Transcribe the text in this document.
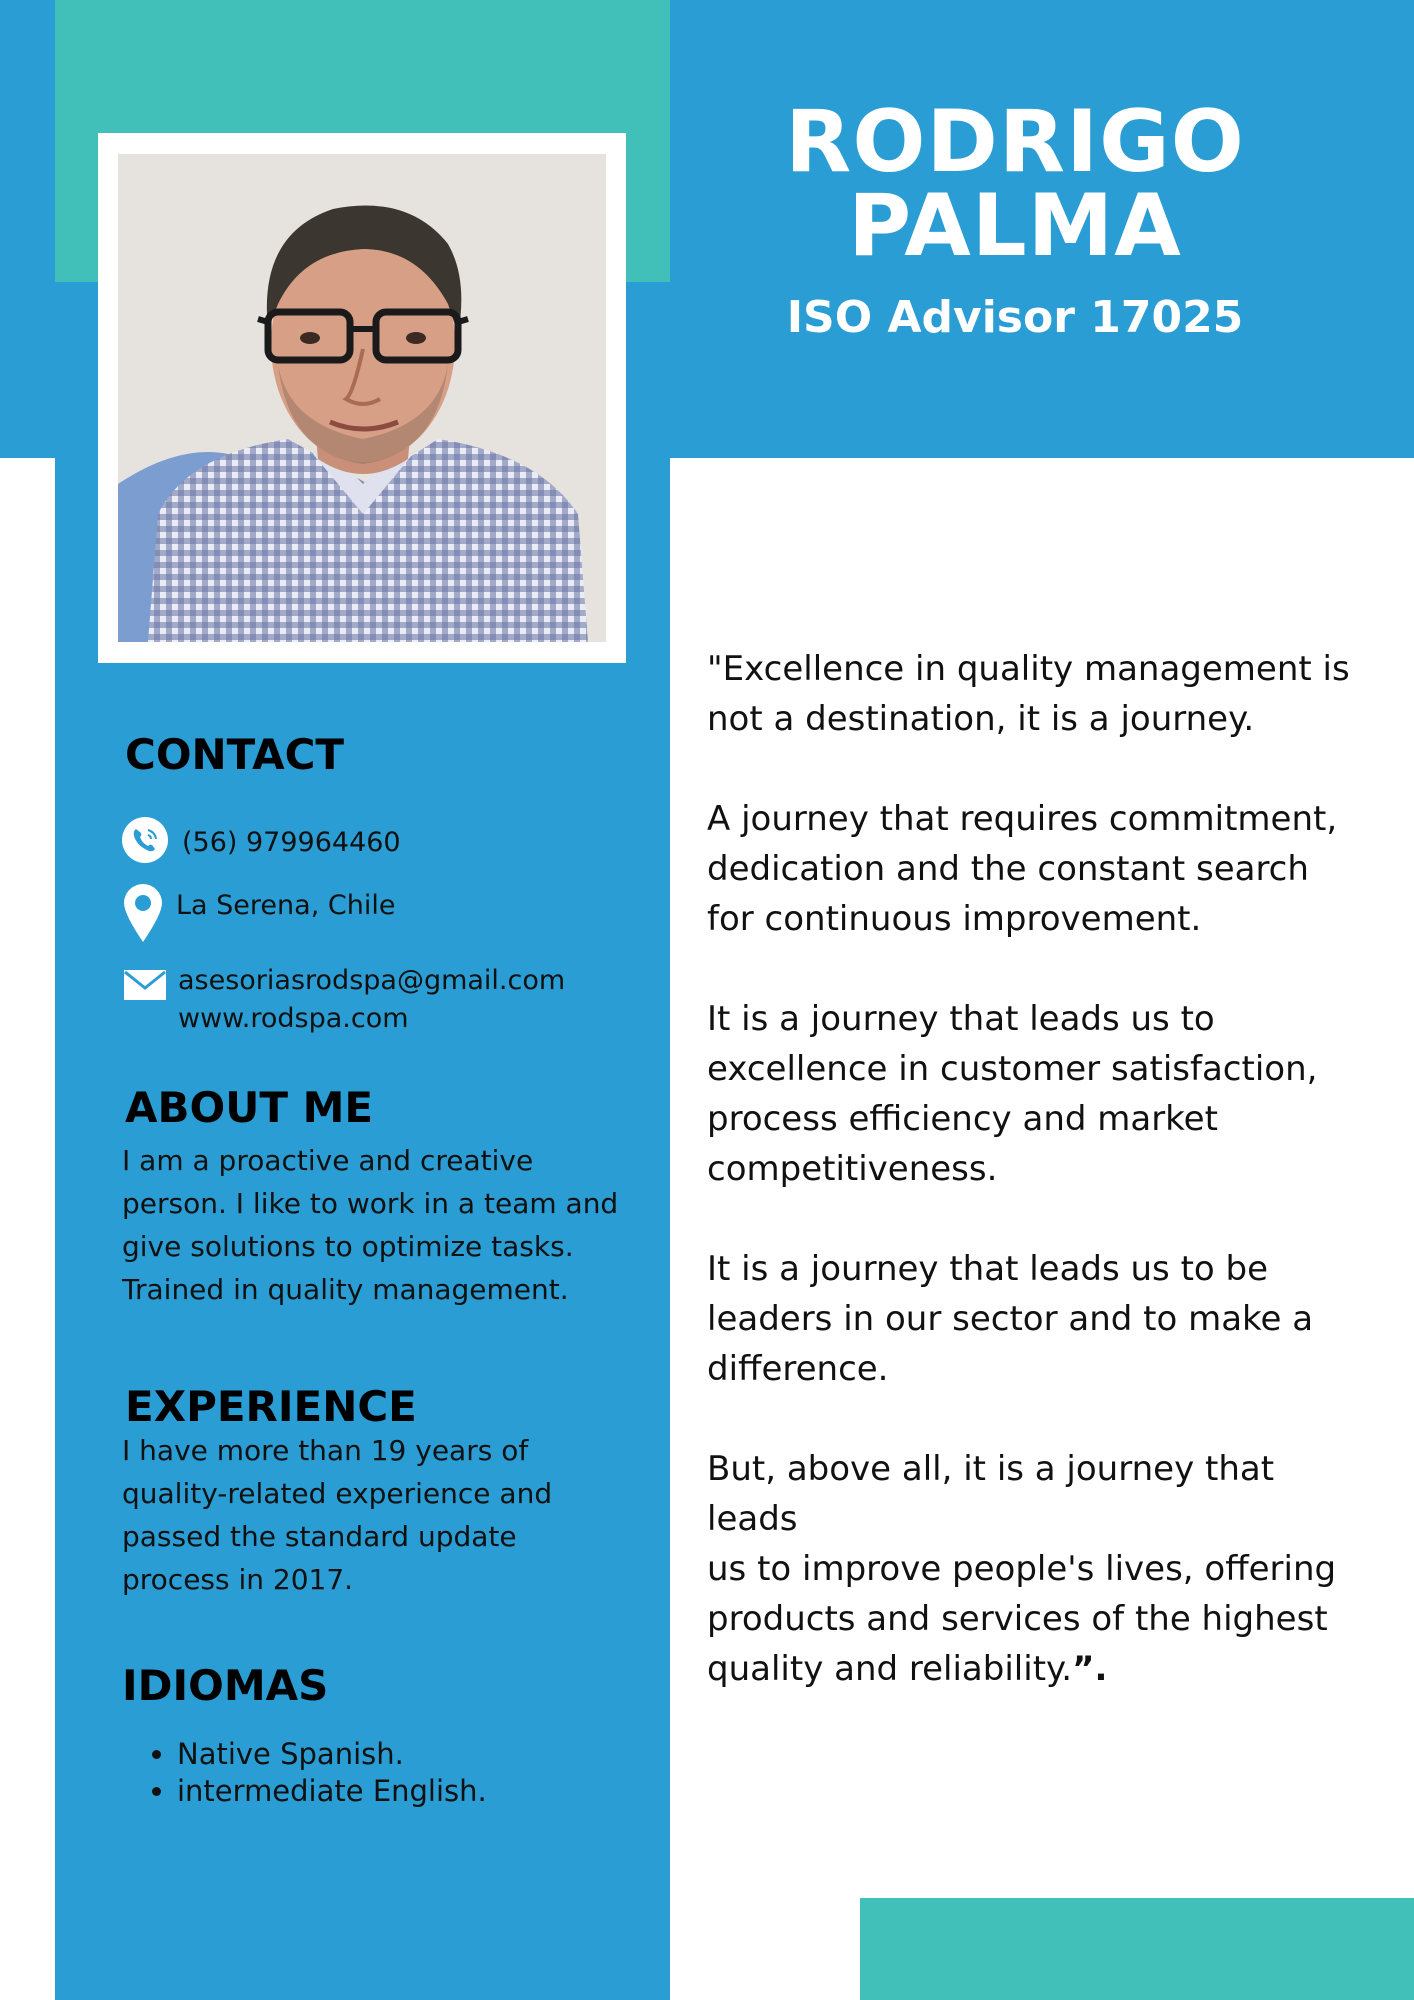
RODRIGO
PALMA
ISO Advisor 17025
CONTACT
(56) 979964460
La Serena, Chile
asesoriasrodspa@gmail.com
www.rodspa.com
ABOUT ME
I am a proactive and creative
person. I like to work in a team and
give solutions to optimize tasks.
Trained in quality management.
EXPERIENCE
I have more than 19 years of
quality-related experience and
passed the standard update
process in 2017.
IDIOMAS
• Native Spanish.
• intermediate English.

"Excellence in quality management is
not a destination, it is a journey.

A journey that requires commitment,
dedication and the constant search
for continuous improvement.

It is a journey that leads us to
excellence in customer satisfaction,
process efficiency and market
competitiveness.

It is a journey that leads us to be
leaders in our sector and to make a
difference.

But, above all, it is a journey that leads
us to improve people's lives, offering
products and services of the highest
quality and reliability.”.
